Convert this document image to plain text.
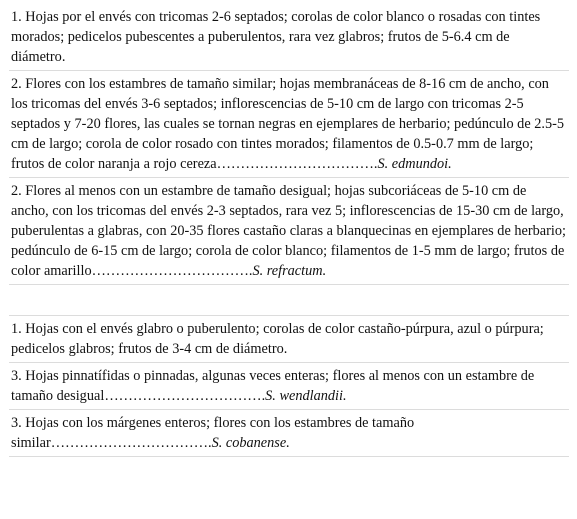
1. Hojas por el envés con tricomas 2-6 septados; corolas de color blanco o rosadas con tintes morados; pedicelos pubescentes a puberulentos, rara vez glabros; frutos de 5-6.4 cm de diámetro.

2. Flores con los estambres de tamaño similar; hojas membranáceas de 8-16 cm de ancho, con los tricomas del envés 3-6 septados; inflorescencias de 5-10 cm de largo con tricomas 2-5 septados y 7-20 flores, las cuales se tornan negras en ejemplares de herbario; pedúnculo de 2.5-5 cm de largo; corola de color rosado con tintes morados; filamentos de 0.5-0.7 mm de largo; frutos de color naranja a rojo cereza…………………………….S. edmundoi.
2. Flores al menos con un estambre de tamaño desigual; hojas subcoriáceas de 5-10 cm de ancho, con los tricomas del envés 2-3 septados, rara vez 5; inflorescencias de 15-30 cm de largo, puberulentas a glabras, con 20-35 flores castaño claras a blanquecinas en ejemplares de herbario; pedúnculo de 6-15 cm de largo; corola de color blanco; filamentos de 1-5 mm de largo; frutos de color amarillo…………………………….S. refractum.

1. Hojas con el envés glabro o puberulento; corolas de color castaño-púrpura, azul o púrpura; pedicelos glabros; frutos de 3-4 cm de diámetro.

3. Hojas pinnatífidas o pinnadas, algunas veces enteras; flores al menos con un estambre de tamaño desigual…………………………….S. wendlandii.
3. Hojas con los márgenes enteros; flores con los estambres de tamaño similar…………………………….S. cobanense.
